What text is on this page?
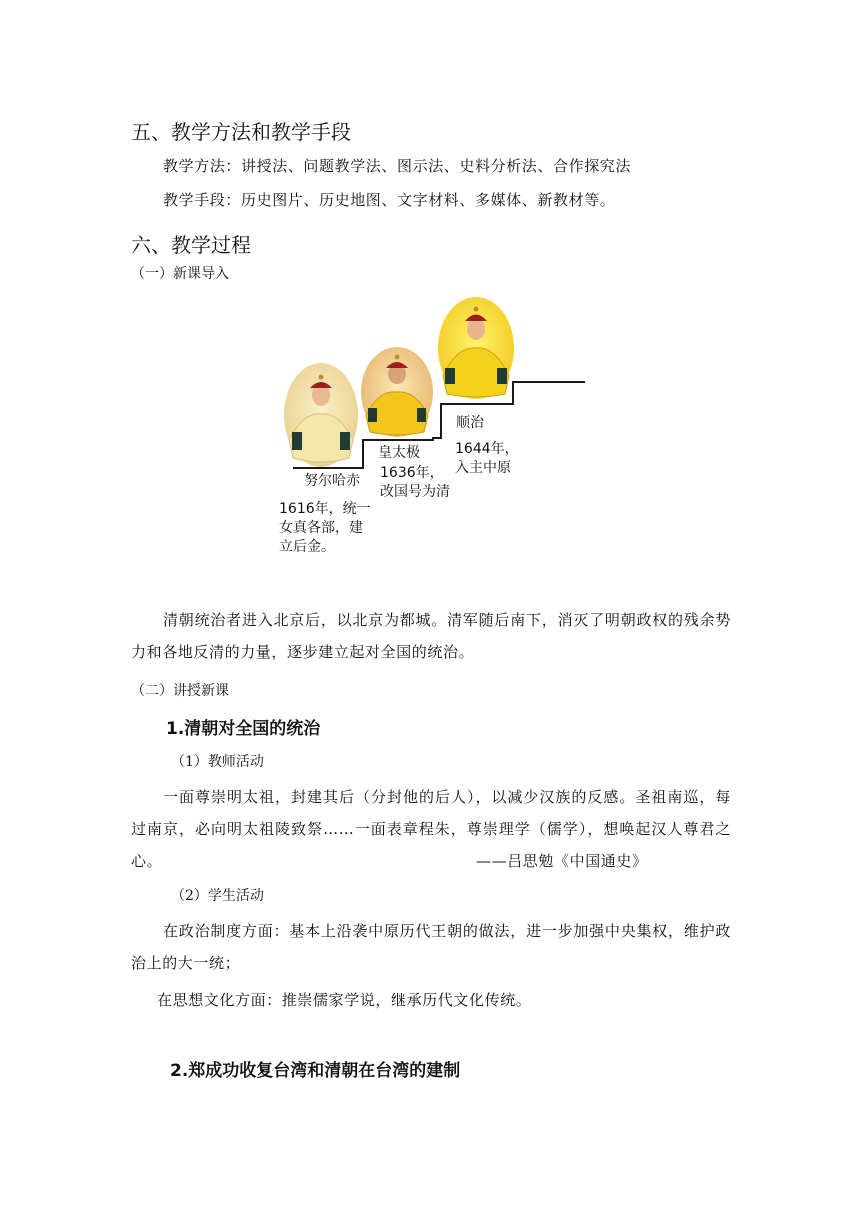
五、教学方法和教学手段
教学方法：讲授法、问题教学法、图示法、史料分析法、合作探究法
教学手段：历史图片、历史地图、文字材料、多媒体、新教材等。
六、教学过程
（一）新课导入
努尔哈赤
1616年，统一
女真各部，建
立后金。
皇太极
1636年，
改国号为清
顺治
1644年，
入主中原
清朝统治者进入北京后，以北京为都城。清军随后南下，消灭了明朝政权的残余势力和各地反清的力量，逐步建立起对全国的统治。
（二）讲授新课
1.清朝对全国的统治
（1）教师活动
一面尊崇明太祖，封建其后（分封他的后人），以减少汉族的反感。圣祖南巡，每过南京，必向明太祖陵致祭……一面表章程朱，尊崇理学（儒学），想唤起汉人尊君之心。	——吕思勉《中国通史》
（2）学生活动
在政治制度方面：基本上沿袭中原历代王朝的做法，进一步加强中央集权，维护政治上的大一统；
在思想文化方面：推崇儒家学说，继承历代文化传统。
2.郑成功收复台湾和清朝在台湾的建制
